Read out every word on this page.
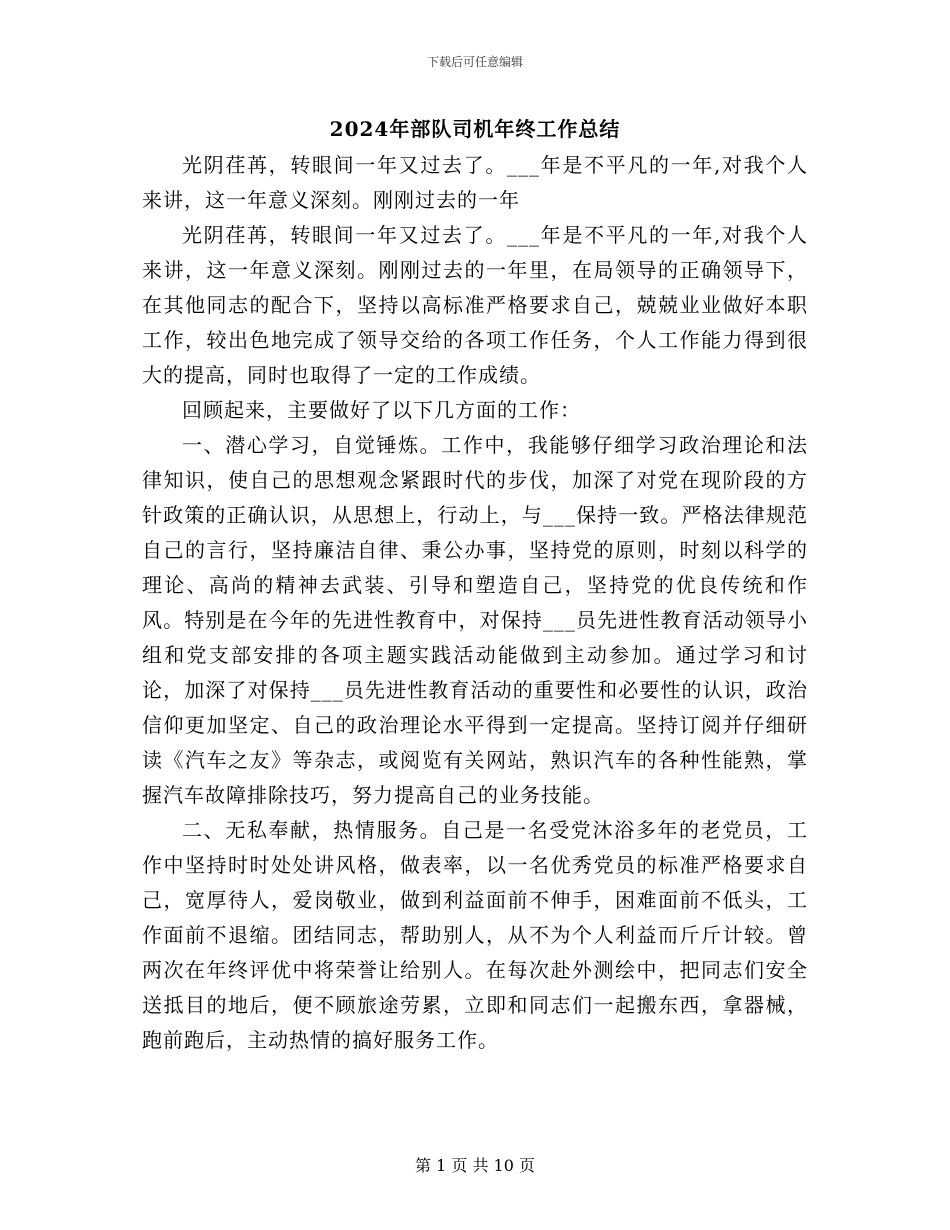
下载后可任意编辑
2024年部队司机年终工作总结

光阴荏苒，转眼间一年又过去了。___年是不平凡的一年,对我个人来讲，这一年意义深刻。刚刚过去的一年

光阴荏苒，转眼间一年又过去了。___年是不平凡的一年,对我个人来讲，这一年意义深刻。刚刚过去的一年里，在局领导的正确领导下，在其他同志的配合下，坚持以高标准严格要求自己，兢兢业业做好本职工作，较出色地完成了领导交给的各项工作任务，个人工作能力得到很大的提高，同时也取得了一定的工作成绩。

回顾起来，主要做好了以下几方面的工作：

一、潜心学习，自觉锤炼。工作中，我能够仔细学习政治理论和法律知识，使自己的思想观念紧跟时代的步伐，加深了对党在现阶段的方针政策的正确认识，从思想上，行动上，与___保持一致。严格法律规范自己的言行，坚持廉洁自律、秉公办事，坚持党的原则，时刻以科学的理论、高尚的精神去武装、引导和塑造自己，坚持党的优良传统和作风。特别是在今年的先进性教育中，对保持___员先进性教育活动领导小组和党支部安排的各项主题实践活动能做到主动参加。通过学习和讨论，加深了对保持___员先进性教育活动的重要性和必要性的认识，政治信仰更加坚定、自己的政治理论水平得到一定提高。坚持订阅并仔细研读《汽车之友》等杂志，或阅览有关网站，熟识汽车的各种性能熟，掌握汽车故障排除技巧，努力提高自己的业务技能。

二、无私奉献，热情服务。自己是一名受党沐浴多年的老党员，工作中坚持时时处处讲风格，做表率，以一名优秀党员的标准严格要求自己，宽厚待人，爱岗敬业，做到利益面前不伸手，困难面前不低头，工作面前不退缩。团结同志，帮助别人，从不为个人利益而斤斤计较。曾两次在年终评优中将荣誉让给别人。在每次赴外测绘中，把同志们安全送抵目的地后，便不顾旅途劳累，立即和同志们一起搬东西，拿器械，跑前跑后，主动热情的搞好服务工作。

第 1 页 共 10 页
